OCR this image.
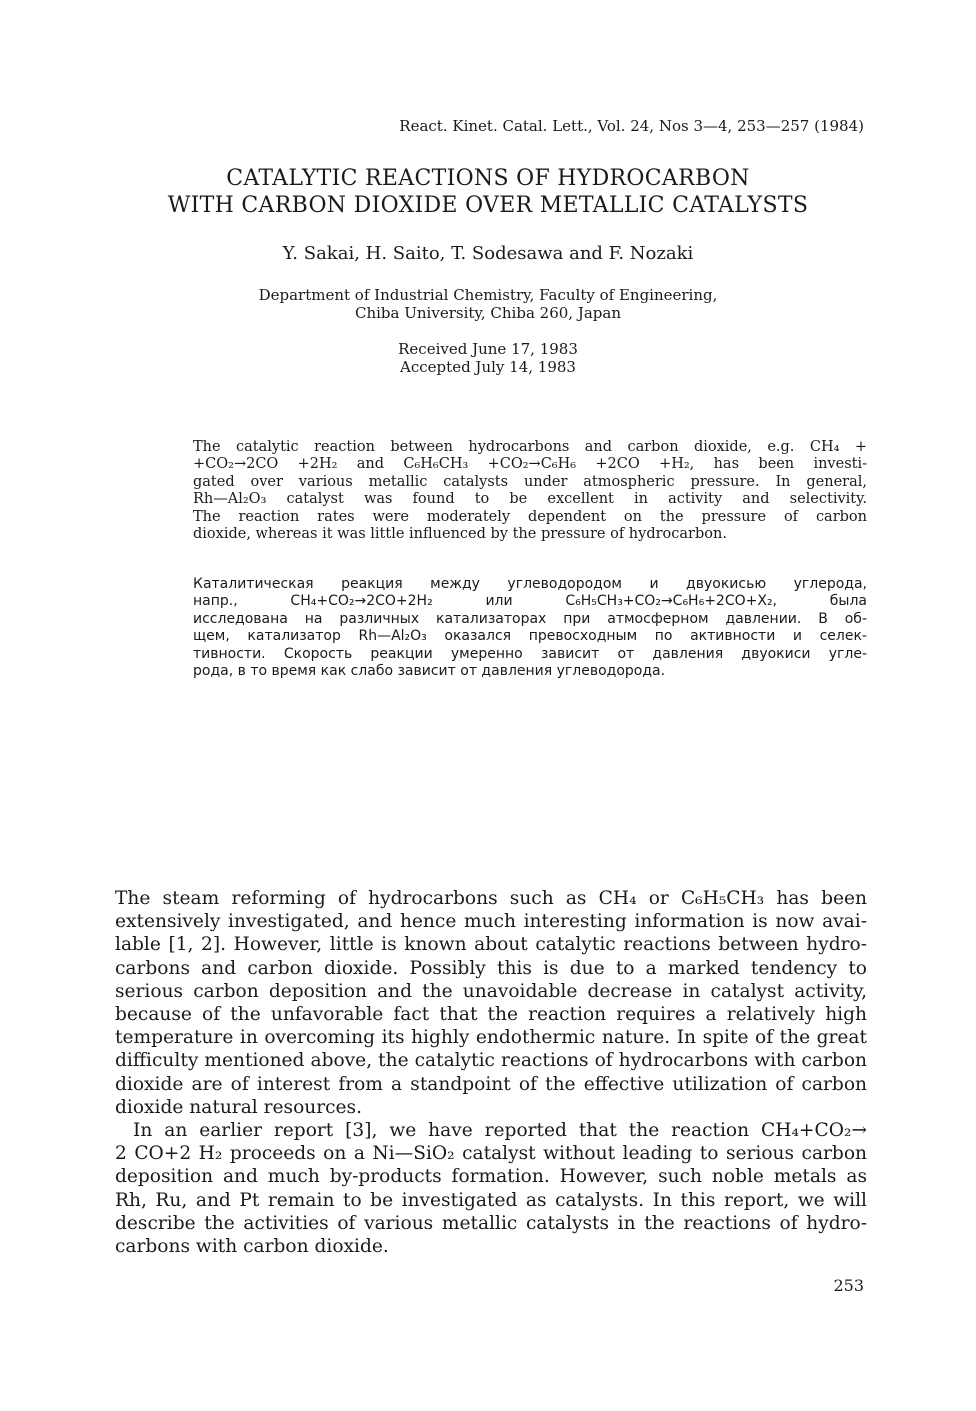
React. Kinet. Catal. Lett., Vol. 24, Nos 3—4, 253—257 (1984)
CATALYTIC REACTIONS OF HYDROCARBON
WITH CARBON DIOXIDE OVER METALLIC CATALYSTS
Y. Sakai, H. Saito, T. Sodesawa and F. Nozaki
Department of Industrial Chemistry, Faculty of Engineering,
Chiba University, Chiba 260, Japan
Received June 17, 1983
Accepted July 14, 1983
The catalytic reaction between hydrocarbons and carbon dioxide, e.g. CH₄ +
+CO₂→2CO +2H₂ and C₆H₆CH₃ +CO₂→C₆H₆ +2CO +H₂, has been investi-
gated over various metallic catalysts under atmospheric pressure. In general,
Rh—Al₂O₃ catalyst was found to be excellent in activity and selectivity.
The reaction rates were moderately dependent on the pressure of carbon
dioxide, whereas it was little influenced by the pressure of hydrocarbon.
Каталитическая реакция между углеводородом и двуокисью углерода,
напр., CH₄+CO₂→2CO+2H₂ или C₆H₅CH₃+CO₂→C₆H₆+2CO+X₂, была
исследована на различных катализаторах при атмосферном давлении. В об-
щем, катализатор Rh—Al₂O₃ оказался превосходным по активности и селек-
тивности. Скорость реакции умеренно зависит от давления двуокиси угле-
рода, в то время как слабо зависит от давления углеводорода.
The steam reforming of hydrocarbons such as CH₄ or C₆H₅CH₃ has been
extensively investigated, and hence much interesting information is now avai-
lable [1, 2]. However, little is known about catalytic reactions between hydro-
carbons and carbon dioxide. Possibly this is due to a marked tendency to
serious carbon deposition and the unavoidable decrease in catalyst activity,
because of the unfavorable fact that the reaction requires a relatively high
temperature in overcoming its highly endothermic nature. In spite of the great
difficulty mentioned above, the catalytic reactions of hydrocarbons with carbon
dioxide are of interest from a standpoint of the effective utilization of carbon
dioxide natural resources.
In an earlier report [3], we have reported that the reaction CH₄+CO₂→
2 CO+2 H₂ proceeds on a Ni—SiO₂ catalyst without leading to serious carbon
deposition and much by-products formation. However, such noble metals as
Rh, Ru, and Pt remain to be investigated as catalysts. In this report, we will
describe the activities of various metallic catalysts in the reactions of hydro-
carbons with carbon dioxide.
253
